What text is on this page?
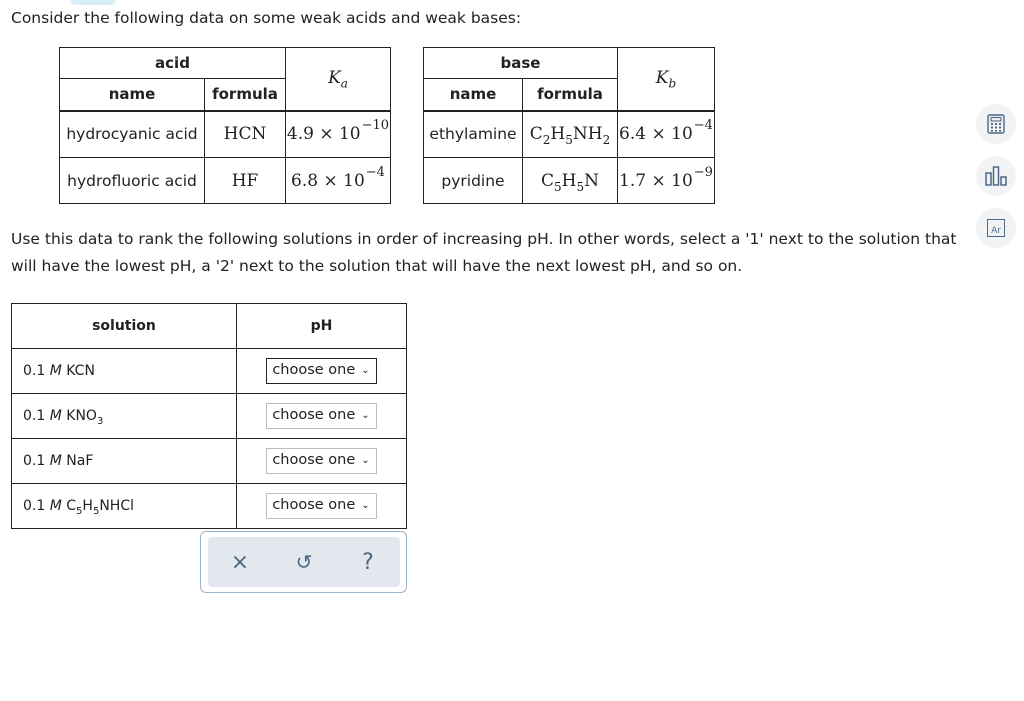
Consider the following data on some weak acids and weak bases:
acid		$K_a$
name	formula	
hydrocyanic acid	HCN	$4.9 \times 10^{-10}$
hydrofluoric acid	HF	$6.8 \times 10^{-4}$
base		$K_b$
name	formula	
ethylamine	$C_2H_5NH_2$	$6.4 \times 10^{-4}$
pyridine	$C_5H_5N$	$1.7 \times 10^{-9}$
Use this data to rank the following solutions in order of increasing pH. In other words, select a '1' next to the solution that
will have the lowest pH, a '2' next to the solution that will have the next lowest pH, and so on.
solution	pH
0.1 M KCN	choose one ⌄
0.1 M $KNO_3$	choose one ⌄
0.1 M NaF	choose one ⌄
0.1 M $C_5H_5NHCl$	choose one ⌄
×	↺	?
Ar
